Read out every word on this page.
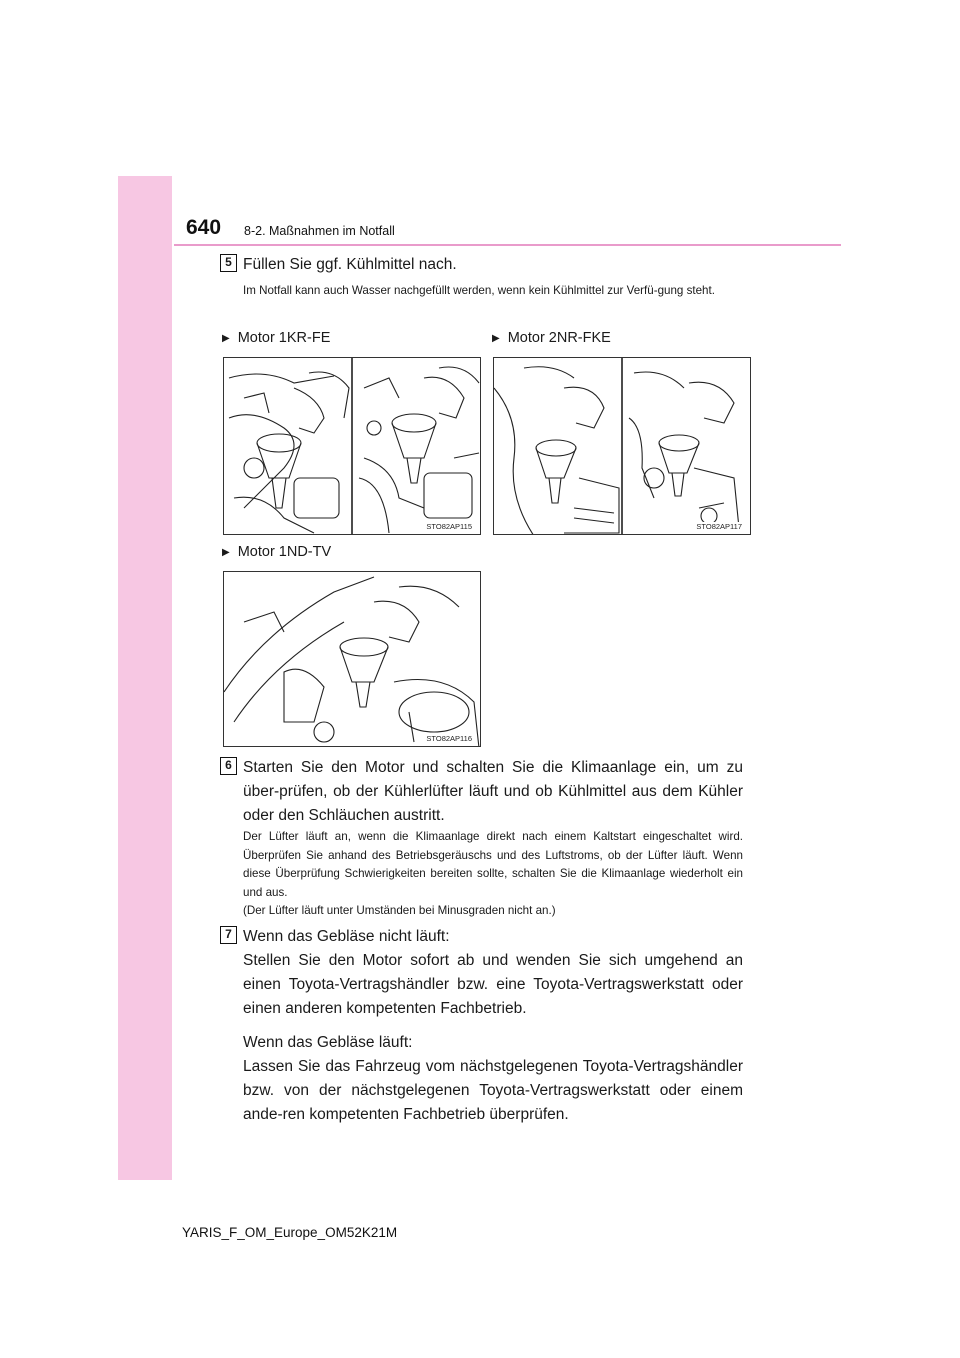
640 8-2. Maßnahmen im Notfall
5 Füllen Sie ggf. Kühlmittel nach.
Im Notfall kann auch Wasser nachgefüllt werden, wenn kein Kühlmittel zur Verfü-gung steht.
▶ Motor 1KR-FE	▶ Motor 2NR-FKE
STO82AP115	STO82AP117
▶ Motor 1ND-TV
STO82AP116
6 Starten Sie den Motor und schalten Sie die Klimaanlage ein, um zu über-prüfen, ob der Kühlerlüfter läuft und ob Kühlmittel aus dem Kühler oder den Schläuchen austritt.

Der Lüfter läuft an, wenn die Klimaanlage direkt nach einem Kaltstart eingeschaltet wird. Überprüfen Sie anhand des Betriebsgeräuschs und des Luftstroms, ob der Lüfter läuft. Wenn diese Überprüfung Schwierigkeiten bereiten sollte, schalten Sie die Klimaanlage wiederholt ein und aus.

(Der Lüfter läuft unter Umständen bei Minusgraden nicht an.)

7 Wenn das Gebläse nicht läuft:

Stellen Sie den Motor sofort ab und wenden Sie sich umgehend an einen Toyota-Vertragshändler bzw. eine Toyota-Vertragswerkstatt oder einen anderen kompetenten Fachbetrieb.

Wenn das Gebläse läuft:

Lassen Sie das Fahrzeug vom nächstgelegenen Toyota-Vertragshändler bzw. von der nächstgelegenen Toyota-Vertragswerkstatt oder einem ande-ren kompetenten Fachbetrieb überprüfen.

YARIS_F_OM_Europe_OM52K21M
